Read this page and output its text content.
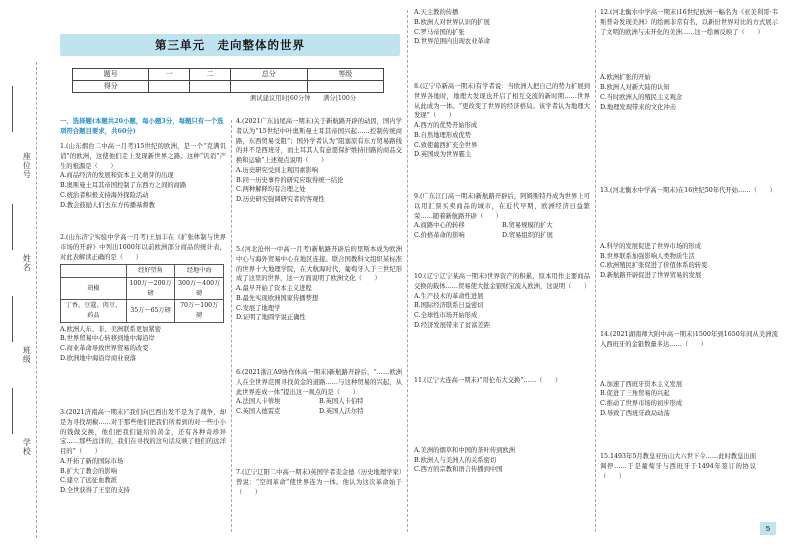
座位号
姓名
班级
学校
第三单元　走向整体的世界
题号	一	二	总分	等级
得分				
测试建议用时|60分钟　　满分|100分
一、选择题(本题共20小题，每小题3分，每题只有一个选项符合题目要求，共60分)

1.(山东烟台二中高一月考)15世纪的欧洲，是一个“克满讥诮”的欧洲，这使他们走上发现新世界之路。这种“讥诮”产生的根源是（　　）

A.商品经济的发展和资本主义萌芽的出现

B.奥斯曼土耳其帝国控制了东西方之间的商路

C.统治者积极支持海外探险活动

D.教会鼓励人们去东方传播基督教

2.(山东济宁实验中学高一月考)王加丰在《扩张体制与世界市场的开辟》中列出1600年以前欧洲部分商品的统计表，对此表解读正确的是（　　）

	经好望角	经地中海
胡椒	100万～200万磅	300万～400万磅
丁香、豆蔻、肉豆、药品	35万～65万磅	70万～100万磅

A.欧洲人东、非、美洲联系更加紧密

B.世界贸易中心转移到地中海沿岸

C.商业革命导致世界贸易的改变

D.欧洲地中海沿岸商业衰落

3.(2021济南高一期末)“我们向巴西出发不是为了战争，却是为寻找胡椒……对于那些他们把我们所看到的对一些小小的钱做交换，他们把我们能给的黄金，还有各种奇珍异宝……那些远洋的，我们在寻找的这句话反映了他们的远洋目的”（　　）

A.开拓了新的国际市场

B.扩大了教会的影响

C.建立了远征血教派

D.全世获得了王室的支持

4.(2021广东汕尾高一期末)关于新航路开辟的动因，国内学者认为“15世纪中叶奥斯曼土耳其帝国兴起……控制传统商路，东西贸易受阻”；国外学者认为“阻塞原有东方贸易路线的并不是西班牙，而土耳其人有意愿保护维持旧路的商品交换和运输”上述观点说明（　　）

A.历史研究受到主观因素影响

B.同一历史事件的研究应取得统一结论

C.两种解释均有合理之处

D.历史研究强调研究者的客观性

5.(河北沧州一中高一月考)新航路开辟后的里斯本成为欧洲中心与海外贸易中心在地区连接。联合国教科文组织某标准的世界十大地理学院，在大航海时代，葡萄牙人于三世纪形成了这里的世界，这一方面说明了欧洲文化（　　）

A.最早开始了资本主义进程

B.最先实现欧洲国家传播梦想

C.发展了地理学

D.证明了地圆学说正确性

6.(2021浙江A9协作体高一期末)新航路开辟后，“……欧洲人在全世界范围寻找黄金的道路……与这种贸易的兴起，从此世界连成一体”提出这一观点的是（　　）

A.法国人卡蒂埃	B.英国人卡伯特

C.英国人德雷克	D.英国人沃尔特

7.(辽宁辽阳二中高一期末)英国学者麦金德（历史地理学家）曾说：“空间革命”使世界连为一体。他认为这次革命始于（　　）

A.天主教的传播

B.欧洲人对世界认识的扩展

C.罗马帝国的扩张

D.世界范围内出现农业革命

8.(辽宁阜新高一期末)有学者说：当欧洲人把自己的势力扩展到世界各地时，地理大发现也开启了相互交流的新时期……世界从此成为一体。“更改变了世界的经济格局。该学者认为地理大发现”（　　）

A.西方的优势开始形成

B.自然地理形成优势

C.致使葡西扩充全世界

D.英国成为世界霸主

9.(广东江门高一期末)新航路开辟后，阿姆斯特丹成为世界上可以用汇票买卖商品的城市，在近代早期，欧洲经济日益繁荣……随着新航路开辟（　　）

A.商路中心的转移	B.贸易规模的扩大

C.价格革命的影响	D.贸易组织的扩展

10.(辽宁辽宁某高一期末)世界资产的积累，原本用作主要商品交换的载体……贸易使大批金银财宝流入欧洲，这说明（　　）

A.生产技术的革命性进展

B.国际经济联系日益密切

C.全球性市场开始形成

D.经济发展带来了贫富差距

11.(辽宁大连高一期末)“哥伦布大交换”……（　　）

A.美洲的烟草和中国的茶叶传到欧洲

B.欧洲人与美洲人的关系密切

C.西方的宗教和语言传播到中国

12.(河北衡水中学高一期末)16世纪欧洲一幅名为《亚美利哥·韦斯普奇发现美洲》的绘画非常有名，以新旧世界对比的方式展示了文明的欧洲与未开化的美洲……这一绘画反映了（　　）

A.欧洲扩张的开始

B.欧洲人对新大陆的认知

C.当时欧洲人的殖民主义观念

D.地理发现带来的文化冲击

13.(河北衡水中学高一期末)在16世纪50年代开始……（　　）

A.科学的发展促进了世界市场的形成

B.世界联系加强影响人类物质生活

C.欧洲殖民扩张促进了价值体系的转变

D.新航路开辟促进了世界贸易的发展

14.(2021湖南师大附中高一期末)1500年到1650年间从美洲流入西班牙的金银数量多达……（　　）

A.加速了西班牙资本主义发展

B.促进了三角贸易的兴起

C.推动了世界市场的初步形成

D.导致了西班牙政局动荡

15.1493年5月教皇亚历山大六世下令……此时教皇出面调停……于是葡萄牙与西班牙于1494年签订的协议（　　）

5
